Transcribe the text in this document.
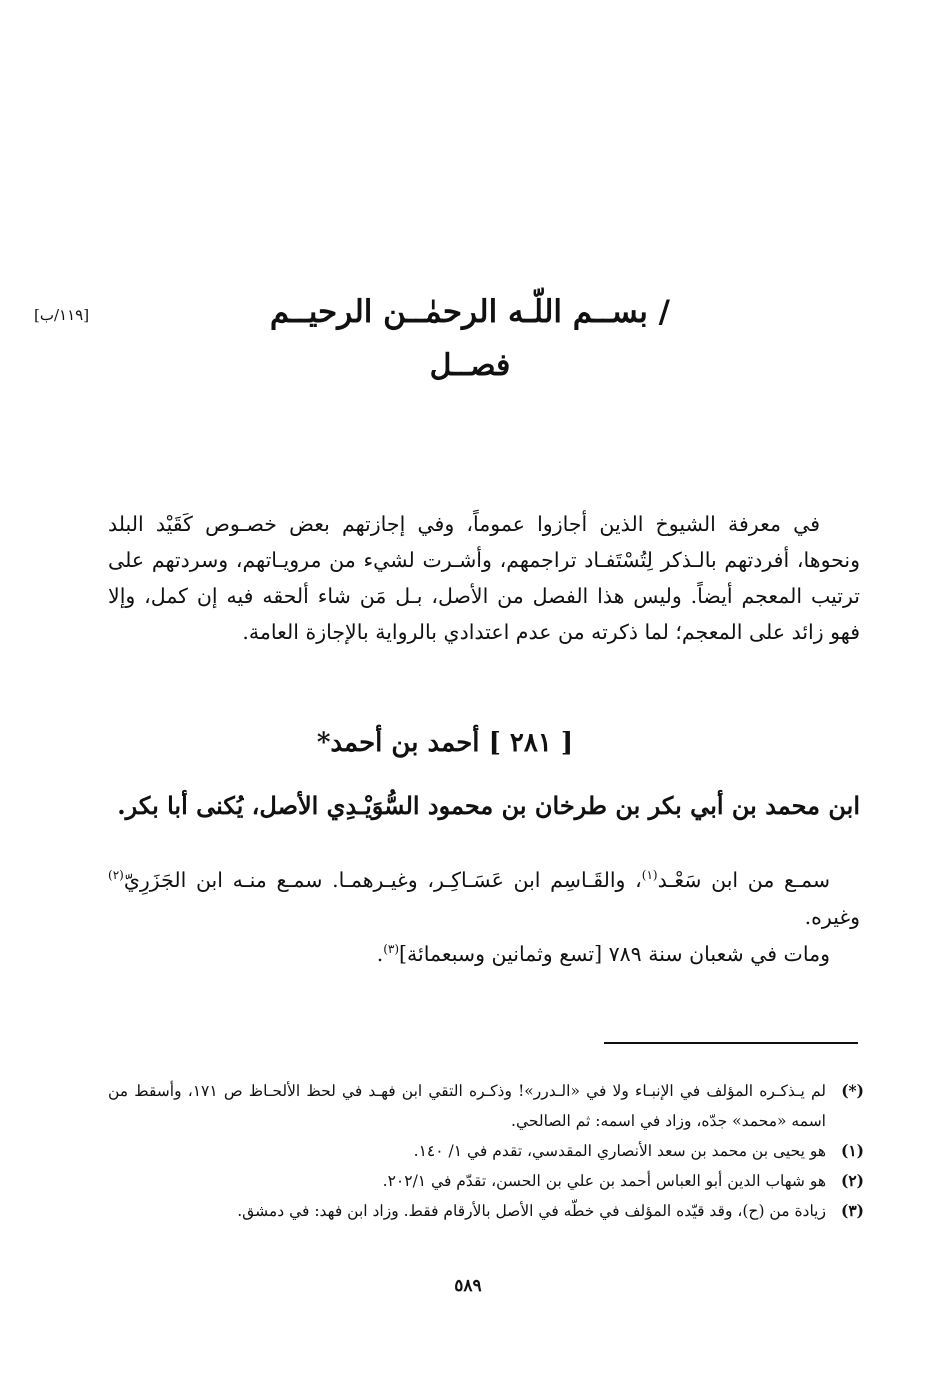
[١١٩/ب]	/ بســم اللّـه الرحمٰــن الرحيــم
فصــل
في معرفة الشيوخ الذين أجازوا عموماً، وفي إجازتهم بعض خصـوص كَقَيْد البلد ونحوها، أفردتهم بالـذكر لِتُسْتَفـاد تراجمهم، وأشـرت لشيء من مرويـاتهم، وسردتهم على ترتيب المعجم أيضاً. وليس هذا الفصل من الأصل، بـل مَن شاء ألحقه فيه إن كمل، وإلا فهو زائد على المعجم؛ لما ذكرته من عدم اعتدادي بالرواية بالإجازة العامة.
[ ٢٨١ ] أحمد بن أحمد*
ابن محمد بن أبي بكر بن طرخان بن محمود السُّوَيْـدِي الأصل، يُكنى أبا بكر.
سمـع من ابن سَعْـد$^{(١)}$، والقَـاسِم ابن عَسَـاكِـر، وغيـرهمـا. سمـع منـه ابن الجَزَرِيّ$^{(٢)}$ وغيره.
ومات في شعبان سنة ٧٨٩ [تسع وثمانين وسبعمائة]$^{(٣)}$.
(*)
لم يـذكـره المؤلف في الإنبـاء ولا في «الـدرر»! وذكـره التقي ابن فهـد في لحظ الألحـاظ ص ١٧١، وأسقط من اسمه «محمد» جدّه، وزاد في اسمه: ثم الصالحي.
(١)
هو يحيى بن محمد بن سعد الأنصاري المقدسي، تقدم في ١/ ١٤٠.
(٢)
هو شهاب الدين أبو العباس أحمد بن علي بن الحسن، تقدّم في ٢٠٢/١.
(٣)
زيادة من (ح)، وقد قيّده المؤلف في خطّه في الأصل بالأرقام فقط. وزاد ابن فهد: في دمشق.
٥٨٩
